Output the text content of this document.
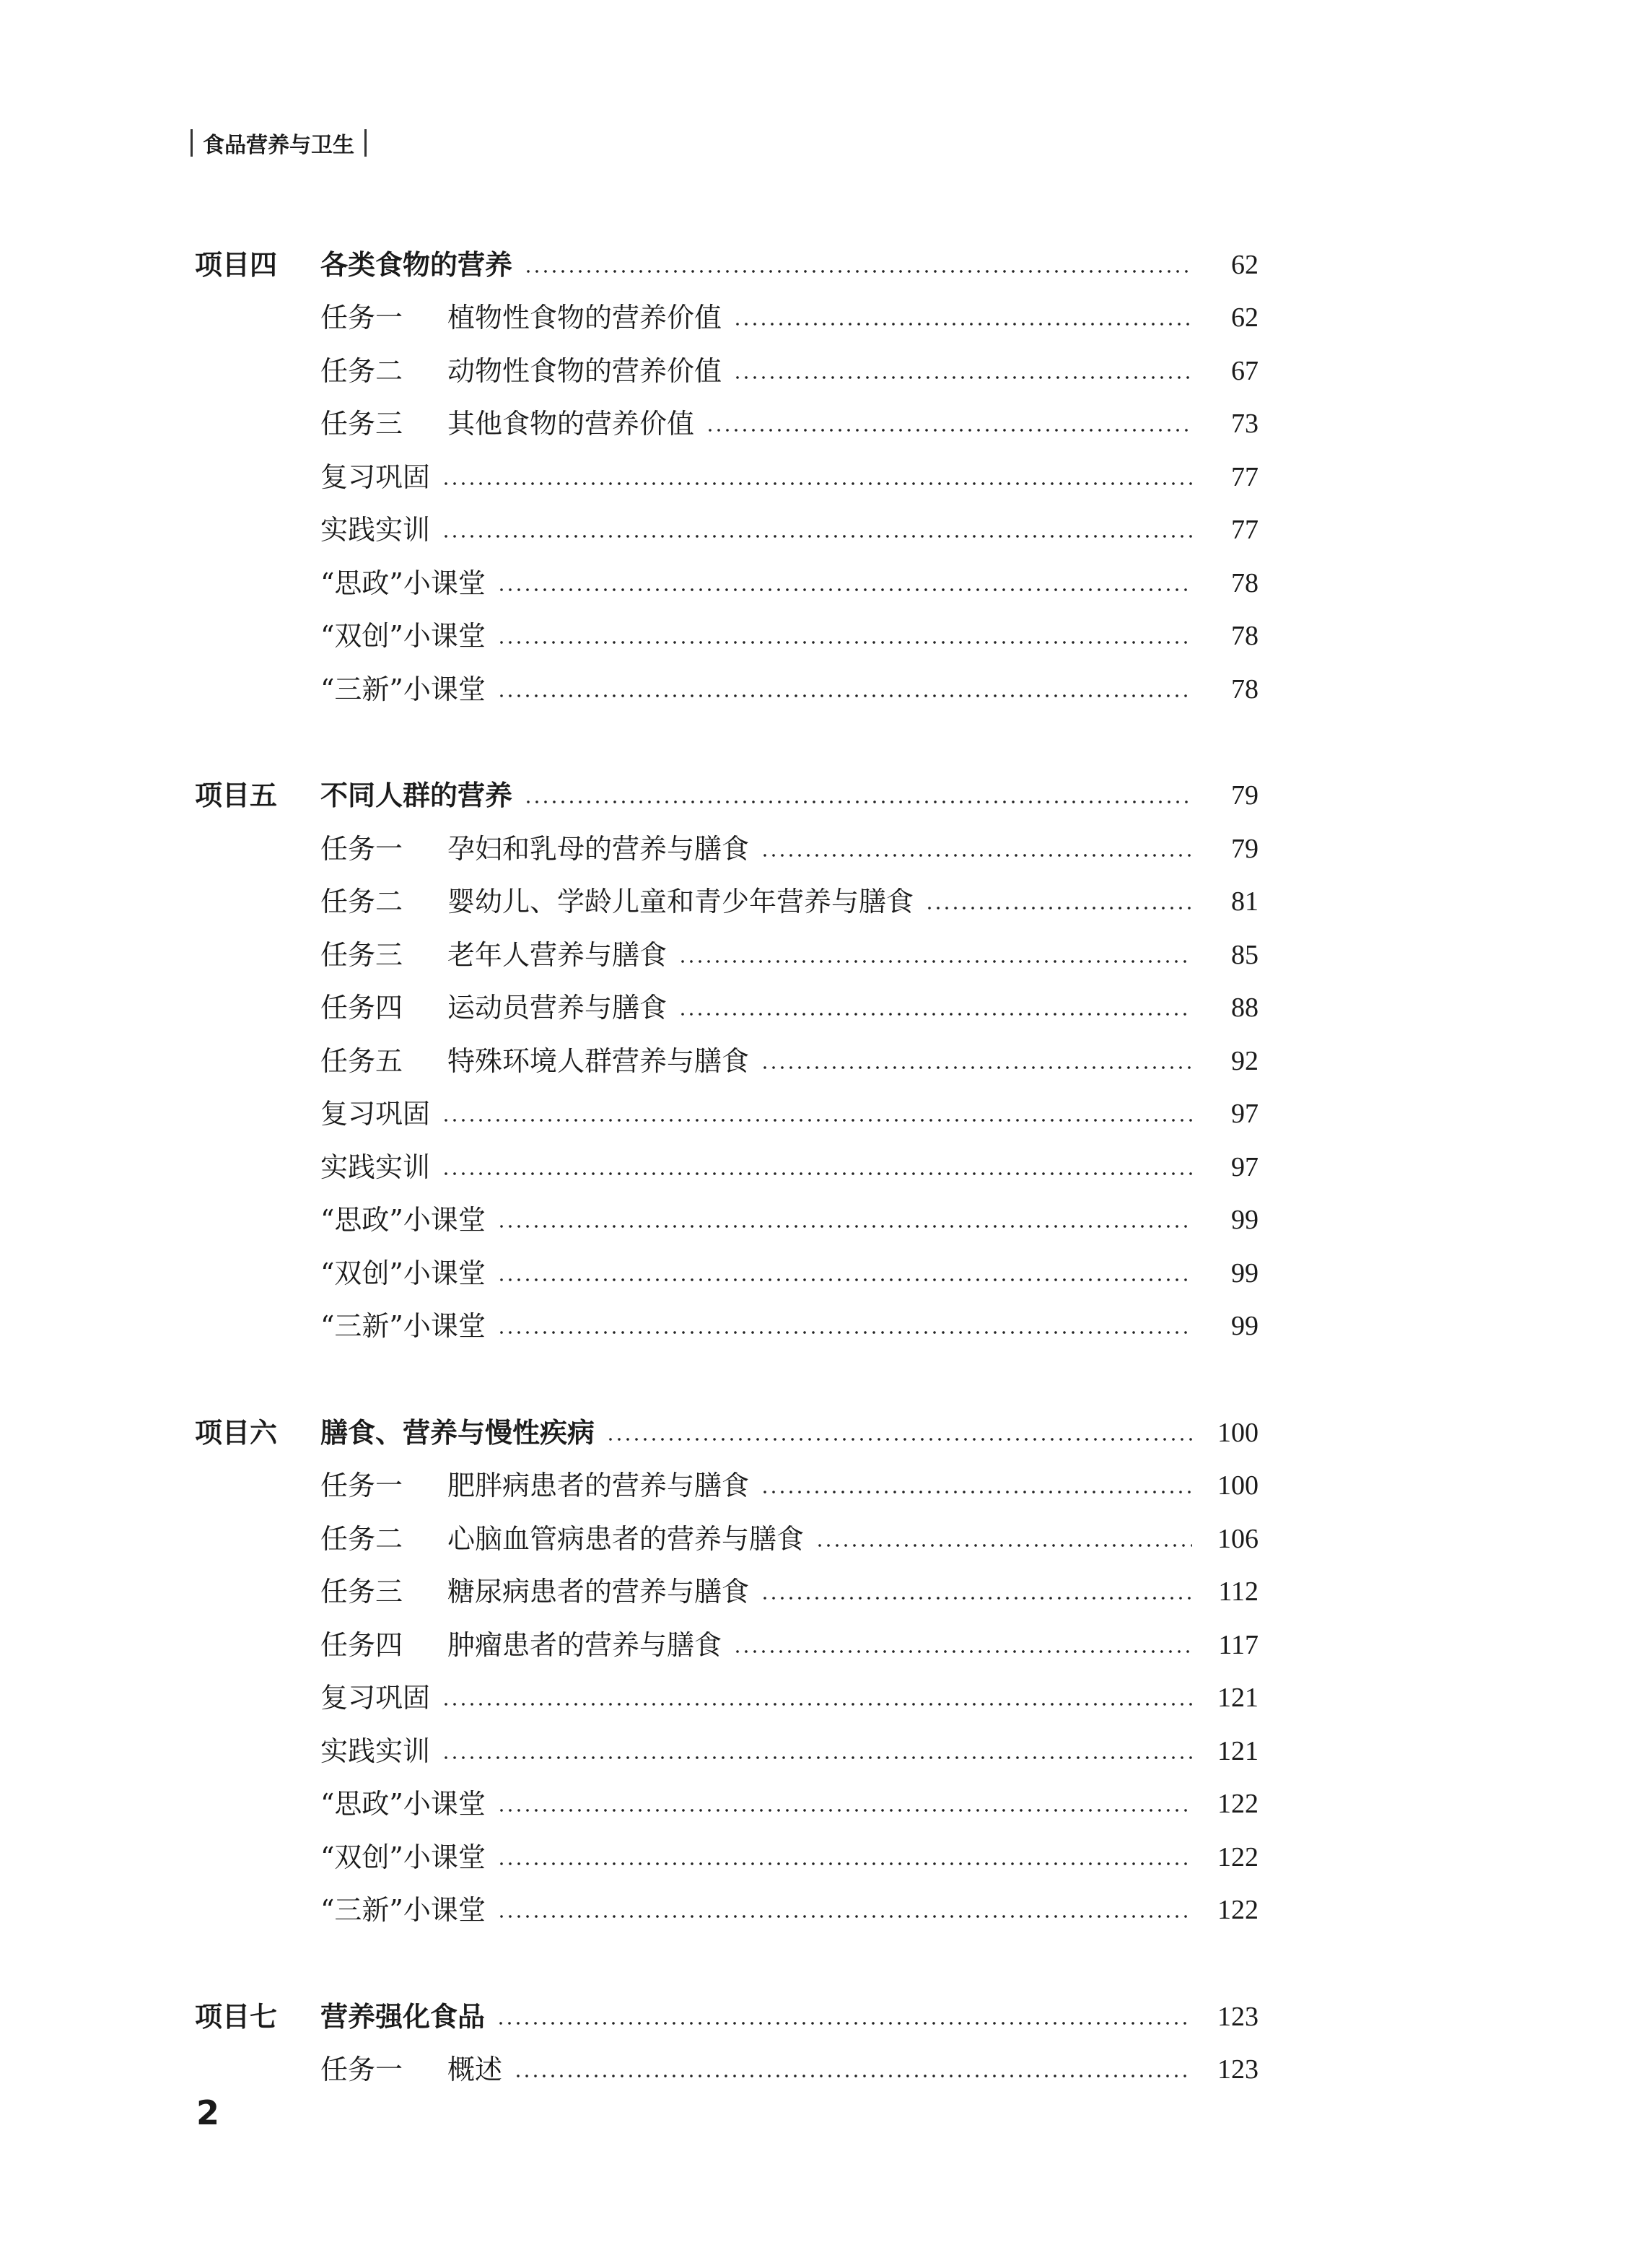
食品营养与卫生
项目四	各类食物的营养	62
任务一	植物性食物的营养价值	62
任务二	动物性食物的营养价值	67
任务三	其他食物的营养价值	73
复习巩固	77
实践实训	77
“思政”小课堂	78
“双创”小课堂	78
“三新”小课堂	78
项目五	不同人群的营养	79
任务一	孕妇和乳母的营养与膳食	79
任务二	婴幼儿、学龄儿童和青少年营养与膳食	81
任务三	老年人营养与膳食	85
任务四	运动员营养与膳食	88
任务五	特殊环境人群营养与膳食	92
复习巩固	97
实践实训	97
“思政”小课堂	99
“双创”小课堂	99
“三新”小课堂	99
项目六	膳食、营养与慢性疾病	100
任务一	肥胖病患者的营养与膳食	100
任务二	心脑血管病患者的营养与膳食	106
任务三	糖尿病患者的营养与膳食	112
任务四	肿瘤患者的营养与膳食	117
复习巩固	121
实践实训	121
“思政”小课堂	122
“双创”小课堂	122
“三新”小课堂	122
项目七	营养强化食品	123
任务一	概述	123
2
